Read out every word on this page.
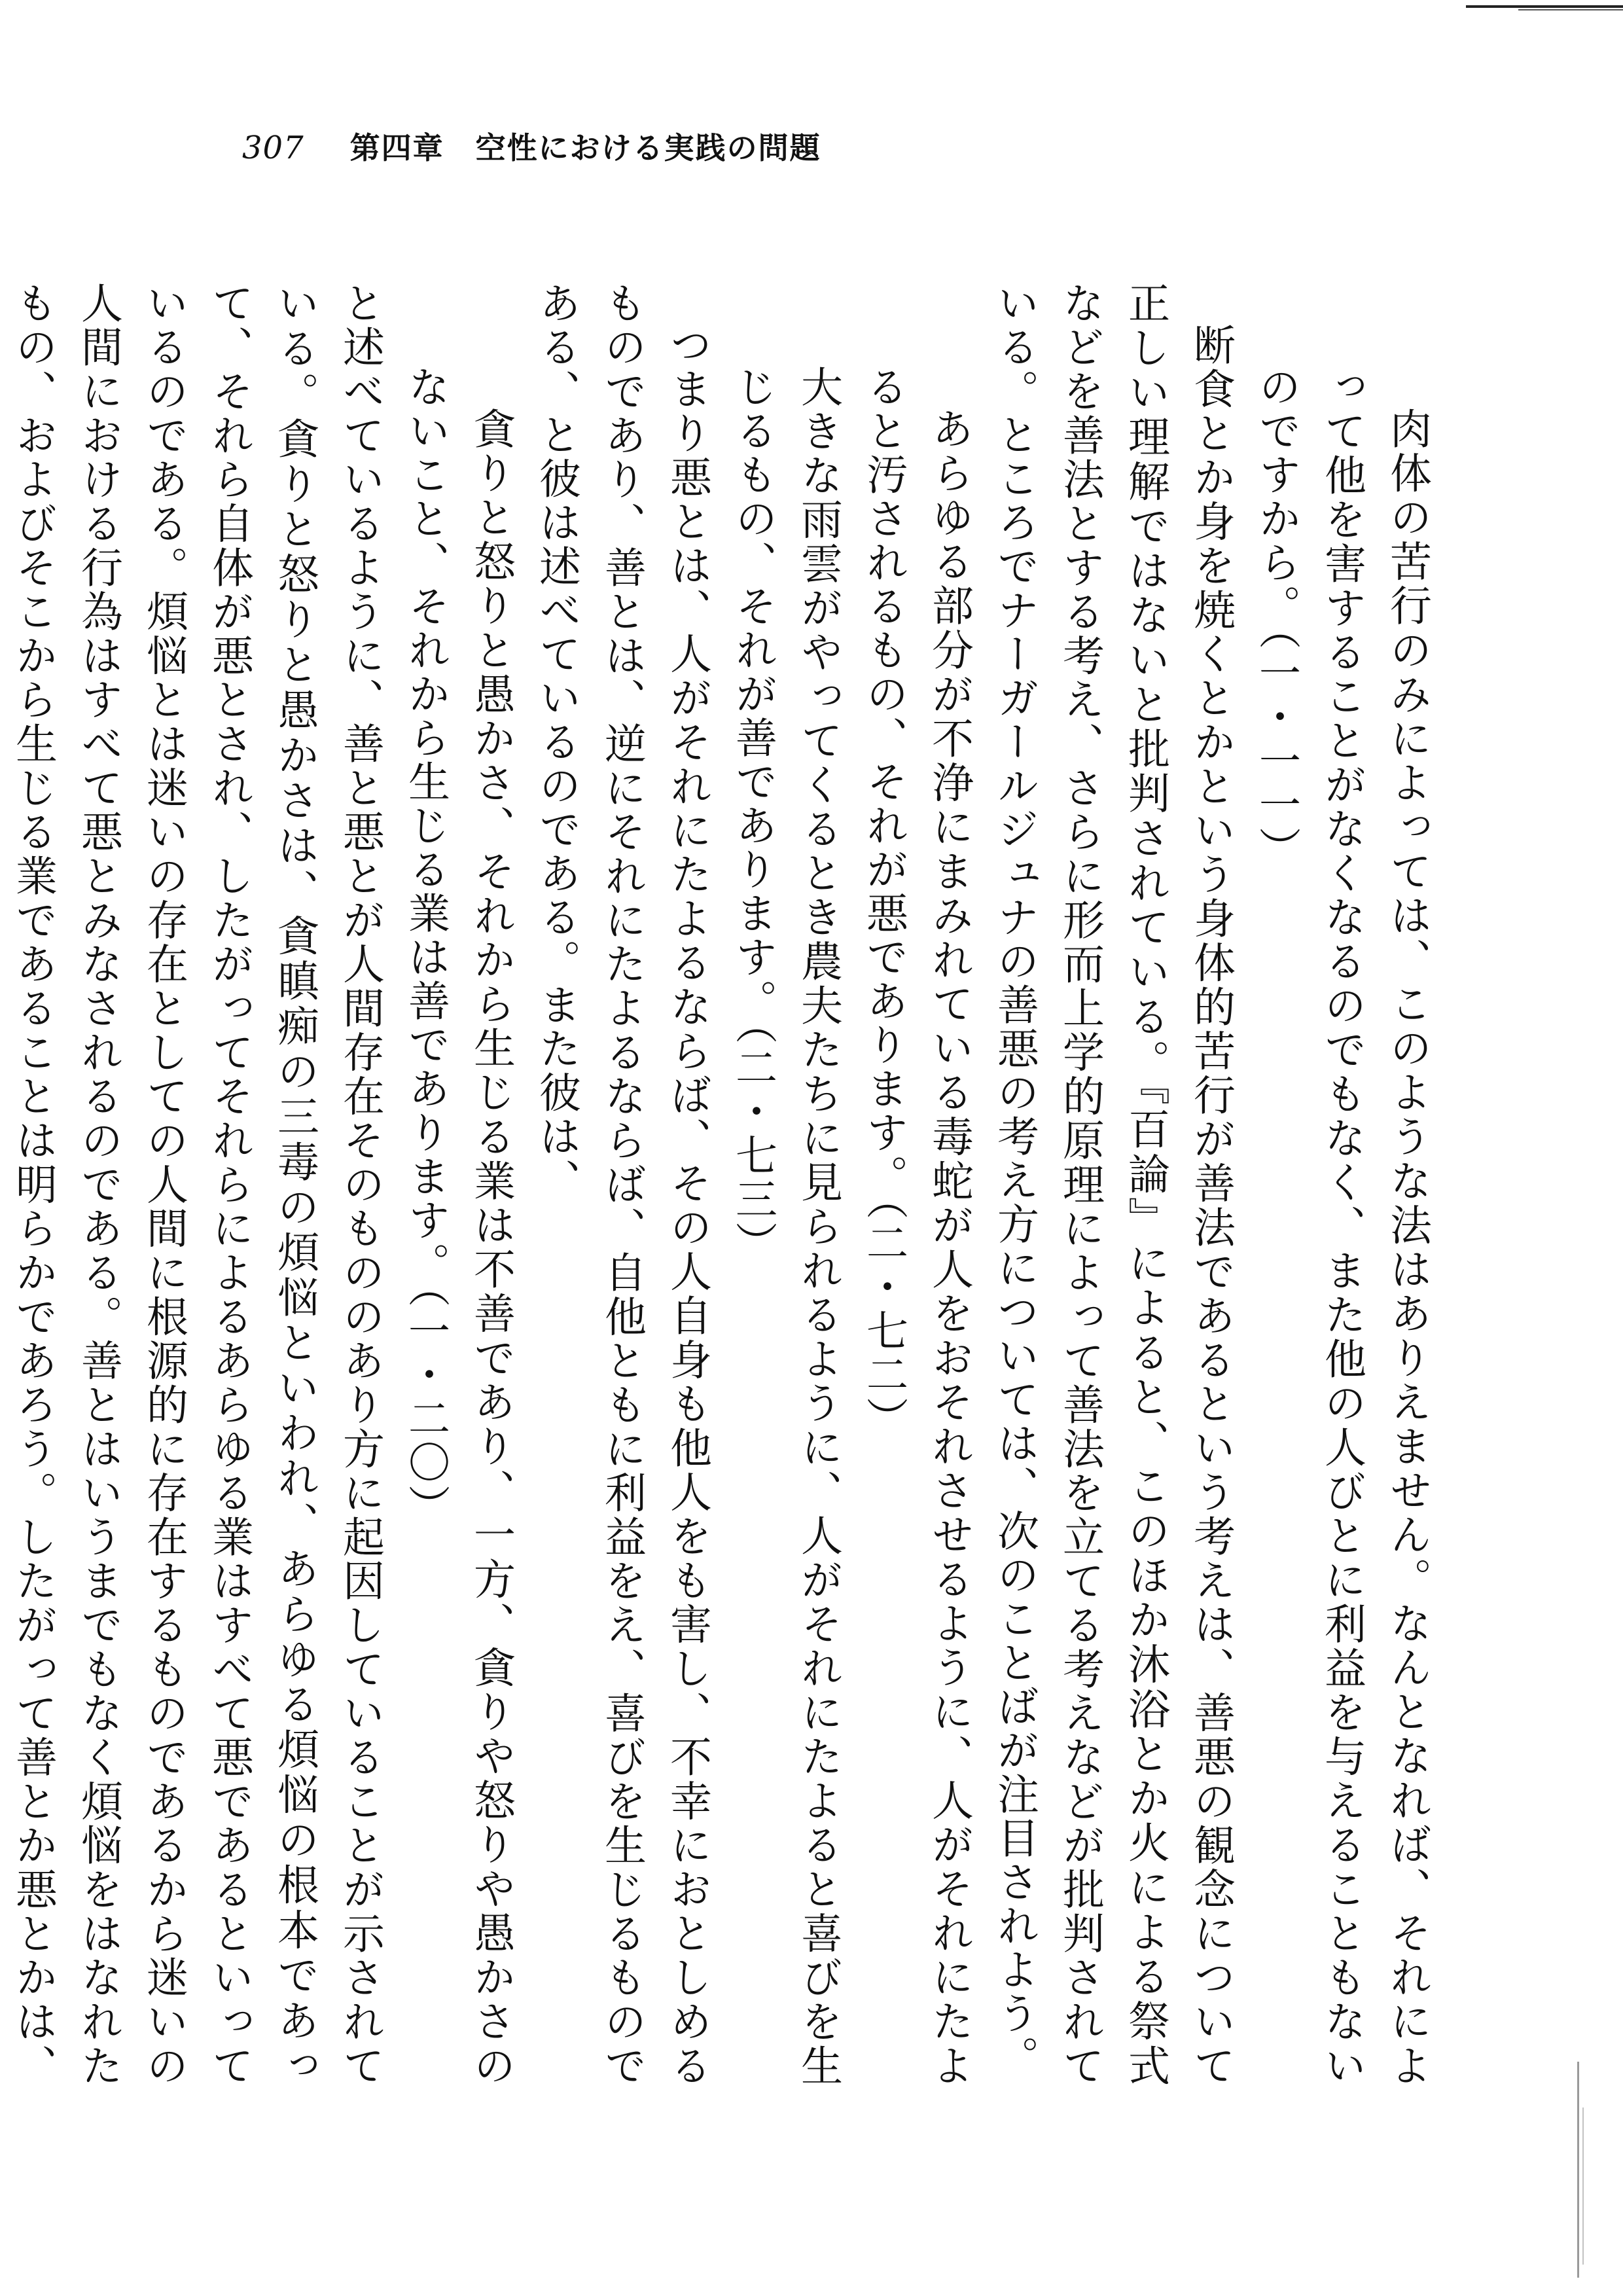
307 第四章　空性における実践の問題

肉体の苦行のみによっては、このような法はありえません。なんとなれば、それによって他を害することがなくなるのでもなく、また他の人びとに利益を与えることもないのですから。（一・一一）

断食とか身を焼くとかという身体的苦行が善法であるという考えは、善悪の観念について正しい理解ではないと批判されている。『百論』によると、このほか沐浴とか火による祭式などを善法とする考え、さらに形而上学的原理によって善法を立てる考えなどが批判されている。ところでナーガールジュナの善悪の考え方については、次のことばが注目されよう。

あらゆる部分が不浄にまみれている毒蛇が人をおそれさせるように、人がそれにたよると汚されるもの、それが悪であります。（二・七二）

大きな雨雲がやってくるとき農夫たちに見られるように、人がそれにたよると喜びを生じるもの、それが善であります。（二・七三）

つまり悪とは、人がそれにたよるならば、その人自身も他人をも害し、不幸におとしめるものであり、善とは、逆にそれにたよるならば、自他ともに利益をえ、喜びを生じるものである、と彼は述べているのである。また彼は、

貪りと怒りと愚かさ、それから生じる業は不善であり、一方、貪りや怒りや愚かさのないこと、それから生じる業は善であります。（一・二〇）

と述べているように、善と悪とが人間存在そのもののあり方に起因していることが示されている。貪りと怒りと愚かさは、貪瞋痴の三毒の煩悩といわれ、あらゆる煩悩の根本であって、それら自体が悪とされ、したがってそれらによるあらゆる業はすべて悪であるといっているのである。煩悩とは迷いの存在としての人間に根源的に存在するものであるから迷いの人間における行為はすべて悪とみなされるのである。善とはいうまでもなく煩悩をはなれたもの、およびそこから生じる業であることは明らかであろう。したがって善とか悪とかは、
